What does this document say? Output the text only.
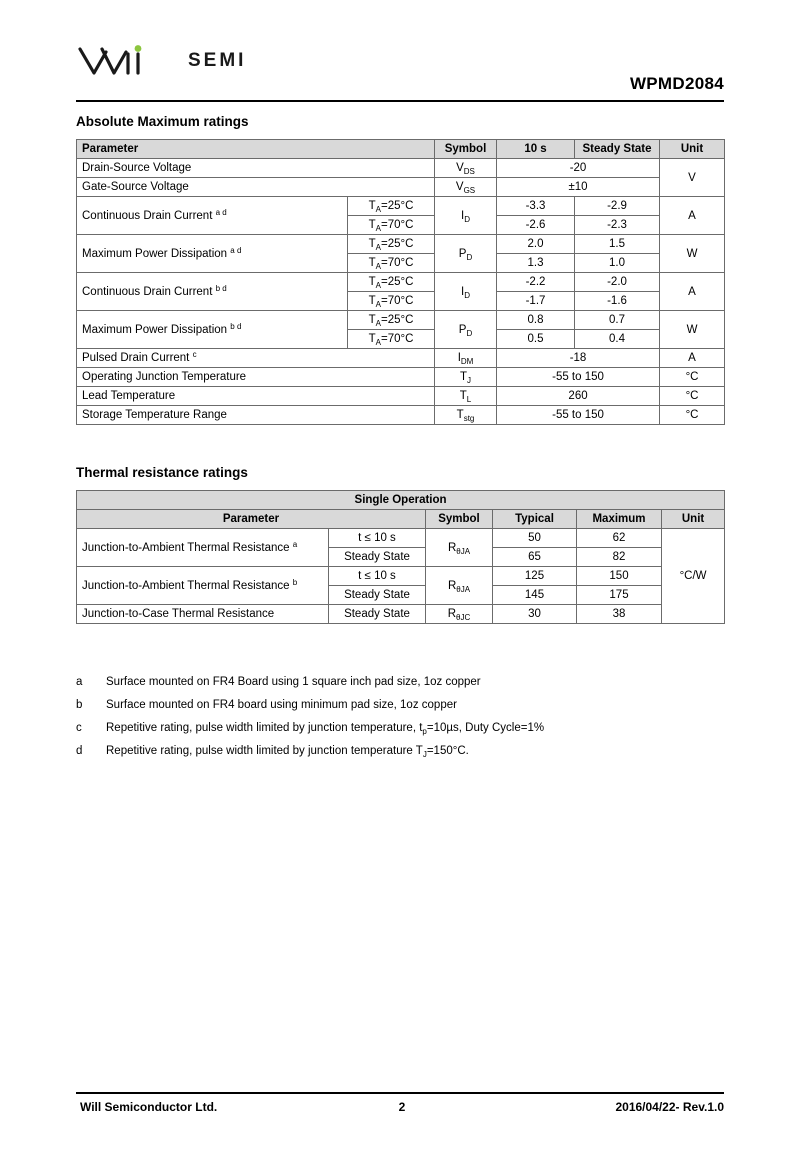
SEMI
WPMD2084
Absolute Maximum ratings
Parameter		Symbol	10 s	Steady State	Unit
Drain-Source Voltage		$V_{DS}$	-20		V
Gate-Source Voltage		$V_{GS}$	±10		
Continuous Drain Current $^{a d}$	$T_A=25^\circ C$	$I_D$	-3.3	-2.9	A
	$T_A=70^\circ C$		-2.6	-2.3	
Maximum Power Dissipation $^{a d}$	$T_A=25^\circ C$	$P_D$	2.0	1.5	W
	$T_A=70^\circ C$		1.3	1.0	
Continuous Drain Current $^{b d}$	$T_A=25^\circ C$	$I_D$	-2.2	-2.0	A
	$T_A=70^\circ C$		-1.7	-1.6	
Maximum Power Dissipation $^{b d}$	$T_A=25^\circ C$	$P_D$	0.8	0.7	W
	$T_A=70^\circ C$		0.5	0.4	
Pulsed Drain Current $^c$		$I_{DM}$	-18		A
Operating Junction Temperature		$T_J$	-55 to 150		°C
Lead Temperature		$T_L$	260		°C
Storage Temperature Range		$T_{stg}$	-55 to 150		°C
Thermal resistance ratings
Single Operation					
Parameter		Symbol	Typical	Maximum	Unit
Junction-to-Ambient Thermal Resistance $^a$	t ≤ 10 s	$R_{\theta JA}$	50	62	°C/W
	Steady State		65	82	
Junction-to-Ambient Thermal Resistance $^b$	t ≤ 10 s	$R_{\theta JA}$	125	150	
	Steady State		145	175	
Junction-to-Case Thermal Resistance	Steady State	$R_{\theta JC}$	30	38	
a	Surface mounted on FR4 Board using 1 square inch pad size, 1oz copper
b	Surface mounted on FR4 board using minimum pad size, 1oz copper
c	Repetitive rating, pulse width limited by junction temperature, $t_p=10\mu s$, Duty Cycle=1%
d	Repetitive rating, pulse width limited by junction temperature $T_J=150^\circ C$.
Will Semiconductor Ltd.	2	2016/04/22- Rev.1.0
